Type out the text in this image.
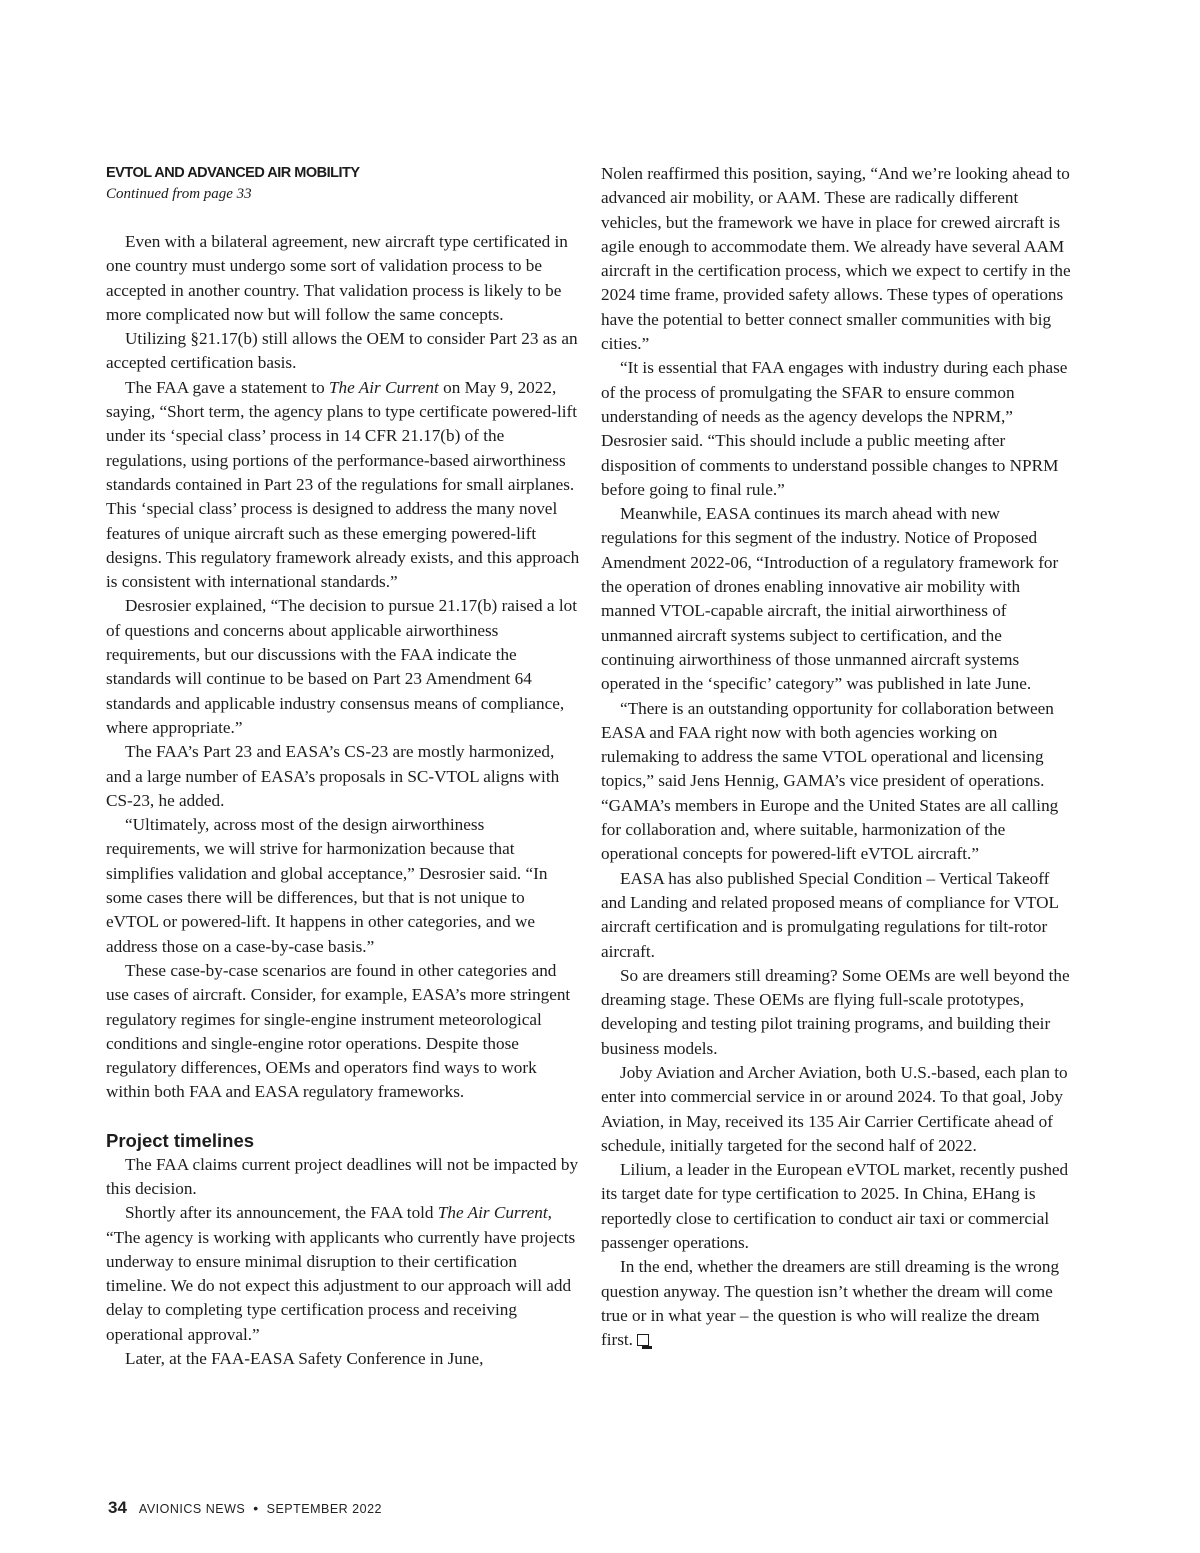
EVTOL AND ADVANCED AIR MOBILITY
Continued from page 33

Even with a bilateral agreement, new aircraft type certificated in one country must undergo some sort of validation process to be accepted in another country. That validation process is likely to be more complicated now but will follow the same concepts.

Utilizing §21.17(b) still allows the OEM to consider Part 23 as an accepted certification basis.

The FAA gave a statement to The Air Current on May 9, 2022, saying, “Short term, the agency plans to type certificate powered-lift under its ‘special class’ process in 14 CFR 21.17(b) of the regulations, using portions of the performance-based airworthiness standards contained in Part 23 of the regulations for small airplanes. This ‘special class’ process is designed to address the many novel features of unique aircraft such as these emerging powered-lift designs. This regulatory framework already exists, and this approach is consistent with international standards.”

Desrosier explained, “The decision to pursue 21.17(b) raised a lot of questions and concerns about applicable airworthiness requirements, but our discussions with the FAA indicate the standards will continue to be based on Part 23 Amendment 64 standards and applicable industry consensus means of compliance, where appropriate.”

The FAA’s Part 23 and EASA’s CS-23 are mostly harmonized, and a large number of EASA’s proposals in SC-VTOL aligns with CS-23, he added.

“Ultimately, across most of the design airworthiness requirements, we will strive for harmonization because that simplifies validation and global acceptance,” Desrosier said. “In some cases there will be differences, but that is not unique to eVTOL or powered-lift. It happens in other categories, and we address those on a case-by-case basis.”

These case-by-case scenarios are found in other categories and use cases of aircraft. Consider, for example, EASA’s more stringent regulatory regimes for single-engine instrument meteorological conditions and single-engine rotor operations. Despite those regulatory differences, OEMs and operators find ways to work within both FAA and EASA regulatory frameworks.

Project timelines

The FAA claims current project deadlines will not be impacted by this decision.

Shortly after its announcement, the FAA told The Air Current, “The agency is working with applicants who currently have projects underway to ensure minimal disruption to their certification timeline. We do not expect this adjustment to our approach will add delay to completing type certification process and receiving operational approval.”

Later, at the FAA-EASA Safety Conference in June,

Nolen reaffirmed this position, saying, “And we’re looking ahead to advanced air mobility, or AAM. These are radically different vehicles, but the framework we have in place for crewed aircraft is agile enough to accommodate them. We already have several AAM aircraft in the certification process, which we expect to certify in the 2024 time frame, provided safety allows. These types of operations have the potential to better connect smaller communities with big cities.”

“It is essential that FAA engages with industry during each phase of the process of promulgating the SFAR to ensure common understanding of needs as the agency develops the NPRM,” Desrosier said. “This should include a public meeting after disposition of comments to understand possible changes to NPRM before going to final rule.”

Meanwhile, EASA continues its march ahead with new regulations for this segment of the industry. Notice of Proposed Amendment 2022-06, “Introduction of a regulatory framework for the operation of drones enabling innovative air mobility with manned VTOL-capable aircraft, the initial airworthiness of unmanned aircraft systems subject to certification, and the continuing airworthiness of those unmanned aircraft systems operated in the ‘specific’ category” was published in late June.

“There is an outstanding opportunity for collaboration between EASA and FAA right now with both agencies working on rulemaking to address the same VTOL operational and licensing topics,” said Jens Hennig, GAMA’s vice president of operations. “GAMA’s members in Europe and the United States are all calling for collaboration and, where suitable, harmonization of the operational concepts for powered-lift eVTOL aircraft.”

EASA has also published Special Condition – Vertical Takeoff and Landing and related proposed means of compliance for VTOL aircraft certification and is promulgating regulations for tilt-rotor aircraft.

So are dreamers still dreaming? Some OEMs are well beyond the dreaming stage. These OEMs are flying full-scale prototypes, developing and testing pilot training programs, and building their business models.

Joby Aviation and Archer Aviation, both U.S.-based, each plan to enter into commercial service in or around 2024. To that goal, Joby Aviation, in May, received its 135 Air Carrier Certificate ahead of schedule, initially targeted for the second half of 2022.

Lilium, a leader in the European eVTOL market, recently pushed its target date for type certification to 2025. In China, EHang is reportedly close to certification to conduct air taxi or commercial passenger operations.

In the end, whether the dreamers are still dreaming is the wrong question anyway. The question isn’t whether the dream will come true or in what year – the question is who will realize the dream first.

34 AVIONICS NEWS • SEPTEMBER 2022
